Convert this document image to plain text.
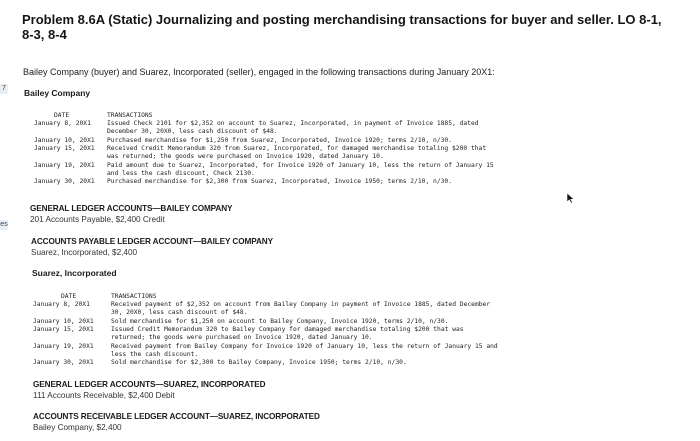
7
es
Problem 8.6A (Static) Journalizing and posting merchandising transactions for buyer and seller. LO 8-1,
8-3, 8-4
Bailey Company (buyer) and Suarez, Incorporated (seller), engaged in the following transactions during January 20X1:
Bailey Company
DATE	TRANSACTIONS
January 8, 20X1	Issued Check 2101 for $2,352 on account to Suarez, Incorporated, in payment of Invoice 1885, dated
December 30, 20X0, less cash discount of $48.
January 10, 20X1 Purchased merchandise for $1,250 from Suarez, Incorporated, Invoice 1920; terms 2/10, n/30.
January 15, 20X1 Received Credit Memorandum 320 from Suarez, Incorporated, for damaged merchandise totaling $200 that
was returned; the goods were purchased on Invoice 1920, dated January 10.
January 19, 20X1 Paid amount due to Suarez, Incorporated, for Invoice 1920 of January 10, less the return of January 15
and less the cash discount, Check 2130.
January 30, 20X1 Purchased merchandise for $2,300 from Suarez, Incorporated, Invoice 1950; terms 2/10, n/30.
GENERAL LEDGER ACCOUNTS—BAILEY COMPANY
201 Accounts Payable, $2,400 Credit
ACCOUNTS PAYABLE LEDGER ACCOUNT—BAILEY COMPANY
Suarez, Incorporated, $2,400
Suarez, Incorporated
DATE	TRANSACTIONS
January 8, 20X1	Received payment of $2,352 on account from Bailey Company in payment of Invoice 1885, dated December
30, 20X0, less cash discount of $48.
January 10, 20X1	Sold merchandise for $1,250 on account to Bailey Company, Invoice 1920, terms 2/10, n/30.
January 15, 20X1	Issued Credit Memorandum 320 to Bailey Company for damaged merchandise totaling $200 that was
returned; the goods were purchased on Invoice 1920, dated January 10.
January 19, 20X1	Received payment from Bailey Company for Invoice 1920 of January 10, less the return of January 15 and
less the cash discount.
January 30, 20X1	Sold merchandise for $2,300 to Bailey Company, Invoice 1950; terms 2/10, n/30.
GENERAL LEDGER ACCOUNTS—SUAREZ, INCORPORATED
111 Accounts Receivable, $2,400 Debit
ACCOUNTS RECEIVABLE LEDGER ACCOUNT—SUAREZ, INCORPORATED
Bailey Company, $2,400
